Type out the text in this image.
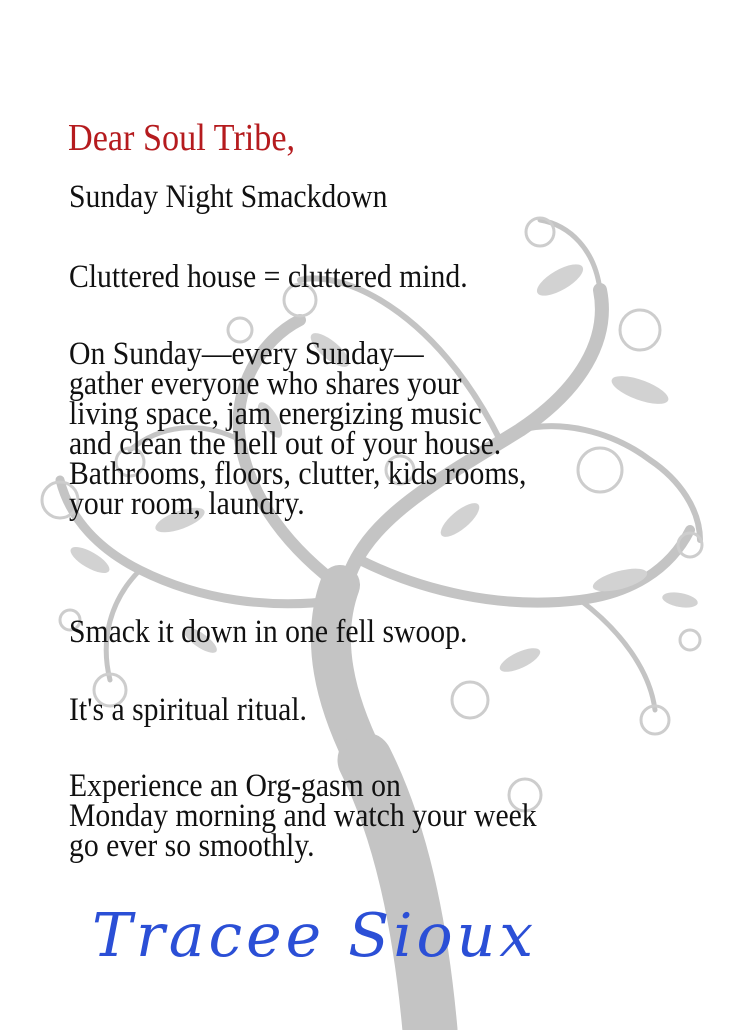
Dear Soul Tribe,

Sunday Night Smackdown

Cluttered house = cluttered mind.

On Sunday—every Sunday—
gather everyone who shares your
living space, jam energizing music
and clean the hell out of your house.
Bathrooms, floors, clutter, kids rooms,
your room, laundry.

Smack it down in one fell swoop.

It's a spiritual ritual.

Experience an Org-gasm on
Monday morning and watch your week
go ever so smoothly.

Tracee Sioux
